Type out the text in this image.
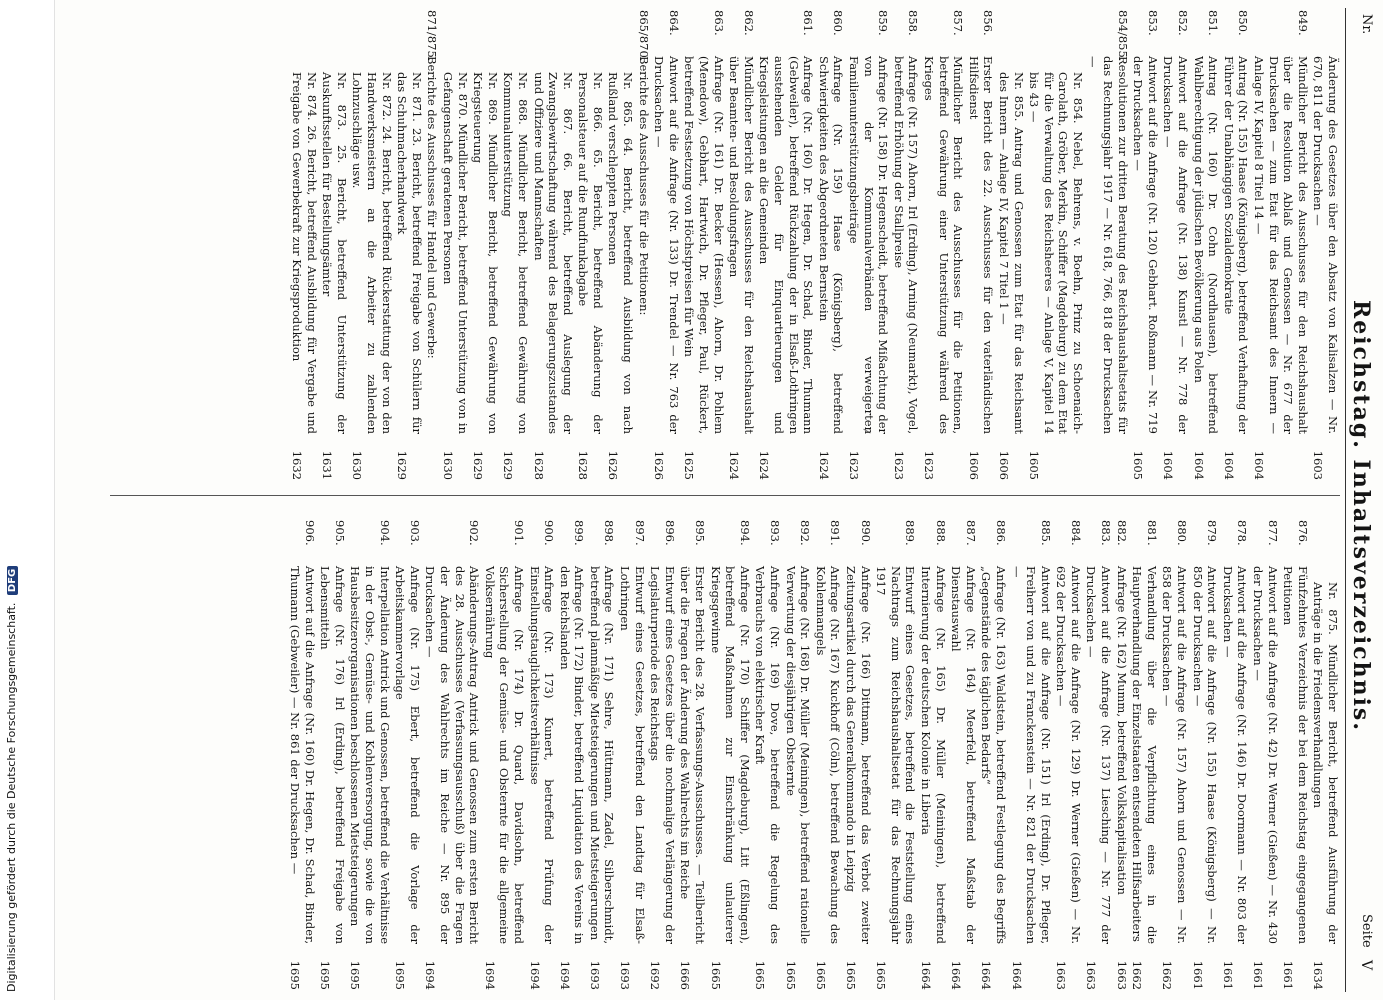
Nr.
Reichstag. Inhaltsverzeichnis.
Seite
V
Änderung des Gesetzes über den Absatz von Kalisalzen — Nr. 670, 811 der Drucksachen —
1603
849.
Mündlicher Bericht des Ausschusses für den Reichshaushalt über die Resolution Ablaß und Genossen — Nr. 677 der Drucksachen — zum Etat für das Reichsamt des Innern — Anlage IV, Kapitel 8 Titel 14 —
1604
850.
Antrag (Nr. 155) Haase (Königsberg), betreffend Verhaftung der Führer der Unabhängigen Sozialdemokratie
1604
851.
Antrag (Nr. 160) Dr. Cohn (Nordhausen), betreffend Wahlberechtigung der jüdischen Bevölkerung aus Polen
1604
852.
Antwort auf die Anfrage (Nr. 138) Kunstl — Nr. 778 der Drucksachen —
1604
853.
Antwort auf die Anfrage (Nr. 120) Gebhart. Roßmann — Nr. 719 der Drucksachen —
1605
854/855.
Resolutionen zur dritten Beratung des Reichshaushaltsetats für das Rechnungsjahr 1917 — Nr. 618, 766, 818 der Drucksachen —
Nr. 854. Nebel, Behrens, v. Boehn, Prinz zu Schoenaich-Carolath, Gröber, Merkin, Schiffer (Magdeburg) zu dem Etat für die Verwaltung des Reichsheeres — Anlage V, Kapitel 14 bis 43 —
1605
Nr. 855. Antrag und Genossen zum Etat für das Reichsamt des Innern — Anlage IV, Kapitel 7 Titel 1 —
1606
856.
Erster Bericht des 22. Ausschusses für den vaterländischen Hilfsdienst
1606
857.
Mündlicher Bericht des Ausschusses für die Petitionen, betreffend Gewährung einer Unterstützung während des Krieges
1623
858.
Anfrage (Nr. 157) Ahorn, Irl (Erding), Arning (Neumarkt), Vogel, betreffend Erhöhung der Stallpreise
1623
859.
Anfrage (Nr. 158) Dr. Hegenscheidt, betreffend Mißachtung der von der Kommunalverbänden verweigerten Familienunterstützungsbeiträge
1623
860.
Anfrage (Nr. 159) Haase (Königsberg), betreffend Schwierigkeiten des Abgeordneten Bernstein
1624
861.
Anfrage (Nr. 160) Dr. Hegen, Dr. Schad, Binder, Thumann (Gebweiler), betreffend Rückzahlung der in Elsaß-Lothringen ausstehenden Gelder für Einquartierungen und Kriegsleistungen an die Gemeinden
1624
862.
Mündlicher Bericht des Ausschusses für den Reichshaushalt über Beamten- und Besoldungsfragen
1624
863.
Anfrage (Nr. 161) Dr. Becker (Hessen), Ahorn, Dr. Pohlem (Menedow), Gebhart, Hartwich, Dr. Pfleger, Paul, Rückert, betreffend Festsetzung von Höchstpreisen für Wein
1625
864.
Antwort auf die Anfrage (Nr. 133) Dr. Trendel — Nr. 763 der Drucksachen —
1626
865/870.
Berichte des Ausschusses für die Petitionen:
Nr. 865. 64. Bericht, betreffend Ausbildung von nach Rußland verschleppten Personen
1626
Nr. 866. 65. Bericht, betreffend Abänderung der Personalsteuer auf die Rundfunkabgabe
1628
Nr. 867. 66. Bericht, betreffend Auslegung der Zwangsbewirtschaftung während des Belagerungszustandes und Offiziere und Mannschaften
1628
Nr. 868. Mündlicher Bericht, betreffend Gewährung von Kommunalunterstützung
1629
Nr. 869. Mündlicher Bericht, betreffend Gewährung von Kriegsteuerung
1629
Nr. 870. Mündlicher Bericht, betreffend Unterstützung von in Gefangenschaft geratenen Personen
1630
871/875.
Berichte des Ausschusses für Handel und Gewerbe:
Nr. 871. 23. Bericht, betreffend Freigabe von Schülern für das Schuhmacherhandwerk
1629
Nr. 872. 24. Bericht, betreffend Rückerstattung der von den Handwerksmeistern an die Arbeiter zu zahlenden Lohnzuschläge usw.
1630
Nr. 873. 25. Bericht, betreffend Unterstützung der Auskunftsstellen für Bestellungsämter
1631
Nr. 874. 26. Bericht, betreffend Ausbildung für Vergabe und Freigabe von Gewerbekraft zur Kriegsproduktion
1632
Nr. 875. Mündlicher Bericht, betreffend Ausführung der Anträge in die Friedensverhandlungen
1634
876.
Fünfzehntes Verzeichnis der bei dem Reichstag eingegangenen Petitionen
1661
877.
Antwort auf die Anfrage (Nr. 42) Dr. Werner (Gießen) — Nr. 430 der Drucksachen —
1661
878.
Antwort auf die Anfrage (Nr. 146) Dr. Doormann — Nr. 803 der Drucksachen —
1661
879.
Antwort auf die Anfrage (Nr. 155) Haase (Königsberg) — Nr. 850 der Drucksachen —
1661
880.
Antwort auf die Anfrage (Nr. 157) Ahorn und Genossen — Nr. 858 der Drucksachen —
1662
881.
Verhandlung über die Verpflichtung eines in die Hauptverhandlung der Einzelstaaten entsendeten Hilfsarbeiters
1662
882.
Anfrage (Nr. 162) Mumm, betreffend Volkskapitalisation
1663
883.
Antwort auf die Anfrage (Nr. 137) Liesching — Nr. 777 der Drucksachen —
1663
884.
Antwort auf die Anfrage (Nr. 129) Dr. Werner (Gießen) — Nr. 692 der Drucksachen —
1663
885.
Antwort auf die Anfrage (Nr. 151) Irl (Erding), Dr. Pfleger, Freiherr von und zu Franckenstein — Nr. 821 der Drucksachen —
1664
886.
Anfrage (Nr. 163) Waldstein, betreffend Festlegung des Begriffs „Gegenstände des täglichen Bedarfs“
1664
887.
Anfrage (Nr. 164) Meerfeld, betreffend Maßstab der Dienstauswahl
1664
888.
Anfrage (Nr. 165) Dr. Müller (Meiningen), betreffend Internierung der deutschen Kolonie in Liberia
1664
889.
Entwurf eines Gesetzes, betreffend die Feststellung eines Nachtrags zum Reichshaushaltsetat für das Rechnungsjahr 1917
1665
890.
Anfrage (Nr. 166) Dittmann, betreffend das Verbot zweiter Zeitungsartikel durch das Generalkommando in Leipzig
1665
891.
Anfrage (Nr. 167) Kuckhoff (Cöln), betreffend Bewachung des Kohlenmangels
1665
892.
Anfrage (Nr. 168) Dr. Müller (Meiningen), betreffend rationelle Verwertung der diesjährigen Obsternte
1665
893.
Anfrage (Nr. 169) Dove, betreffend die Regelung des Verbrauchs von elektrischer Kraft
1665
894.
Anfrage (Nr. 170) Schiffer (Magdeburg), Litt (Eßlingen), betreffend Maßnahmen zur Einschränkung unlauterer Kriegsgewinne
1665
895.
Erster Bericht des 28. Verfassungs-Ausschusses. — Teilbericht über die Fragen der Änderung des Wahlrechts im Reiche
1666
896.
Entwurf eines Gesetzes über die nochmalige Verlängerung der Legislaturperiode des Reichstags
1692
897.
Entwurf eines Gesetzes, betreffend den Landtag für Elsaß-Lothringen
1693
898.
Anfrage (Nr. 171) Sehre, Hüttmann, Zadel, Silberschmidt, betreffend planmäßige Mietsteigerungen und Mietsteigerungen
1693
899.
Anfrage (Nr. 172) Binder, betreffend Liquidation des Vereins in den Reichslanden
1694
900.
Anfrage (Nr. 173) Kunert, betreffend Prüfung der Einstellungstauglichkeitsverhältnisse
1694
901.
Anfrage (Nr. 174) Dr. Quard, Davidsohn, betreffend Sicherstellung der Gemüse- und Obsternte für die allgemeine Volksernährung
1694
902.
Abänderungs-Antrag Antrick und Genossen zum ersten Bericht des 28. Ausschusses (Verfassungsausschuß) über die Fragen der Änderung des Wahlrechts im Reiche — Nr. 895 der Drucksachen —
1694
903.
Anfrage (Nr. 175) Ebert, betreffend die Vorlage der Arbeitskammervorlage
1695
904.
Interpellation Antrick und Genossen, betreffend die Verhältnisse in der Obst-, Gemüse- und Kohlenversorgung, sowie die von Hausbesitzerorganisationen beschlossenen Mietsteigerungen
1695
905.
Anfrage (Nr. 176) Irl (Erding), betreffend Freigabe von Lebensmitteln
1695
906.
Antwort auf die Anfrage (Nr. 160) Dr. Hegen, Dr. Schad, Binder, Thumann (Gebweiler) — Nr. 861 der Drucksachen —
1695
Digitalisierung gefördert durch die Deutsche Forschungsgemeinschaft. DFG
